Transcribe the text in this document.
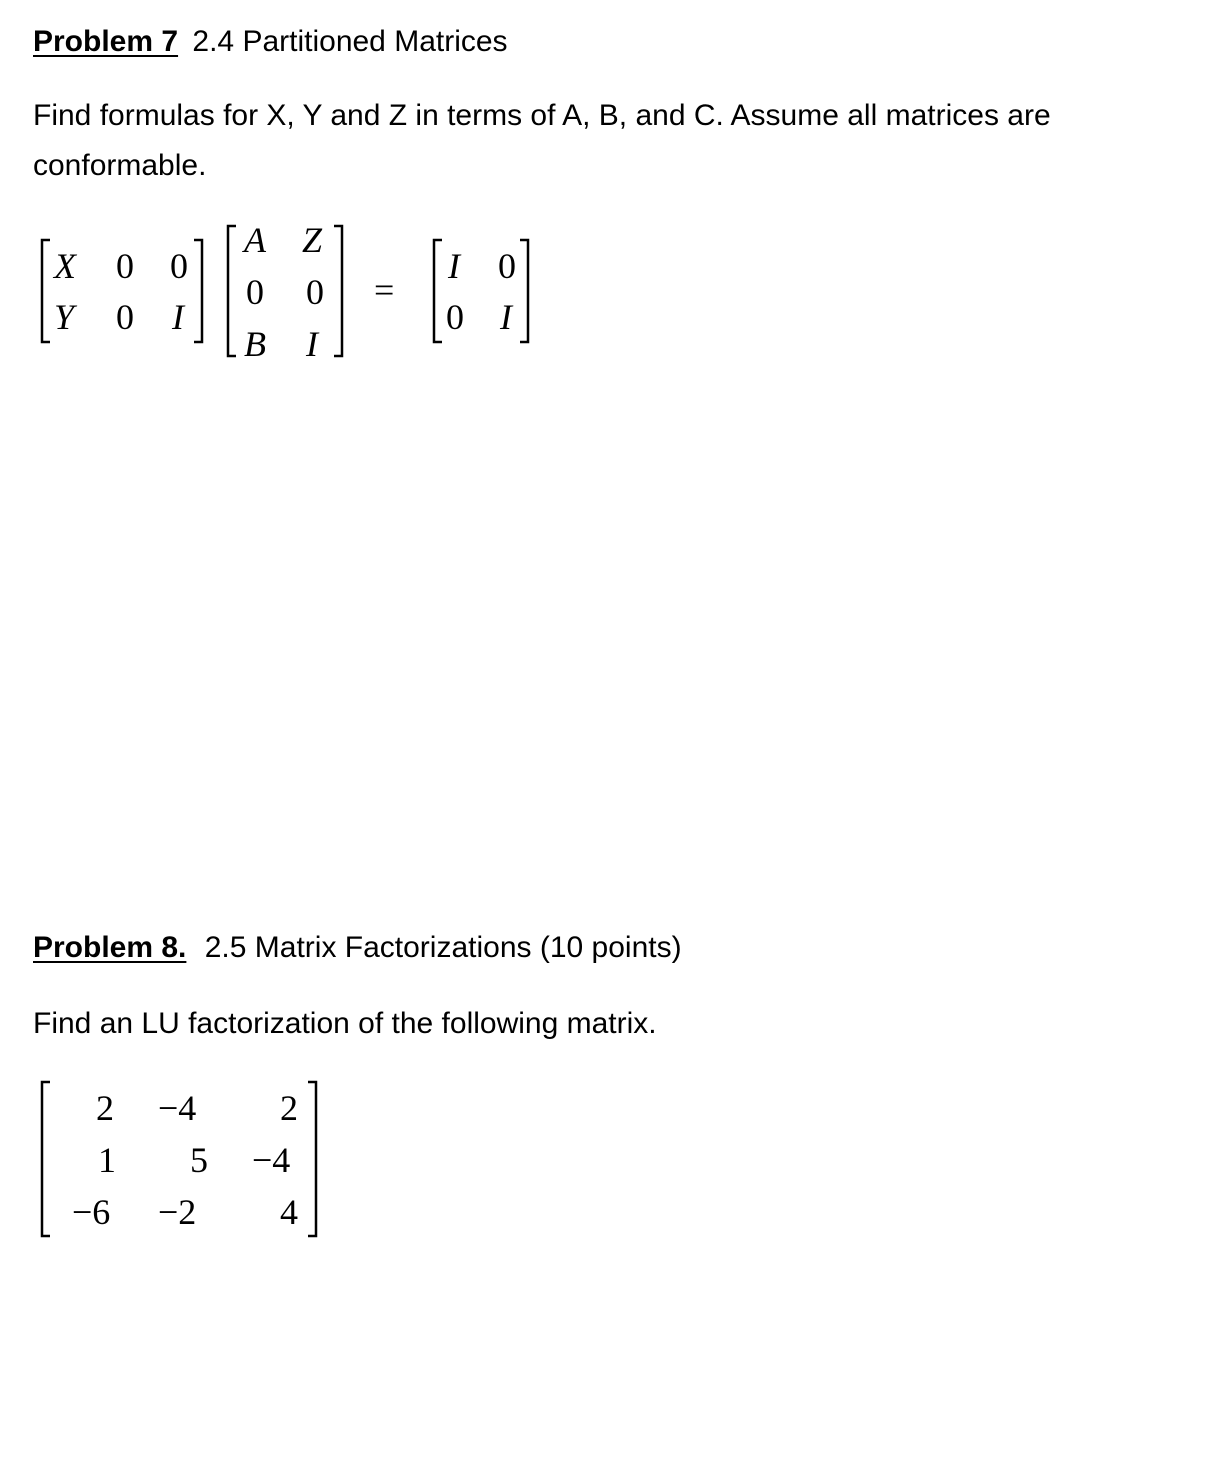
Problem 7 2.4 Partitioned Matrices
Find formulas for X, Y and Z in terms of A, B, and C. Assume all matrices are
conformable.
X 0 0
Y 0 I
A Z
0 0
B I
=
I 0
0 I
Problem 8. 2.5 Matrix Factorizations (10 points)
Find an LU factorization of the following matrix.
2 −4 2
1 5 −4
−6 −2 4
